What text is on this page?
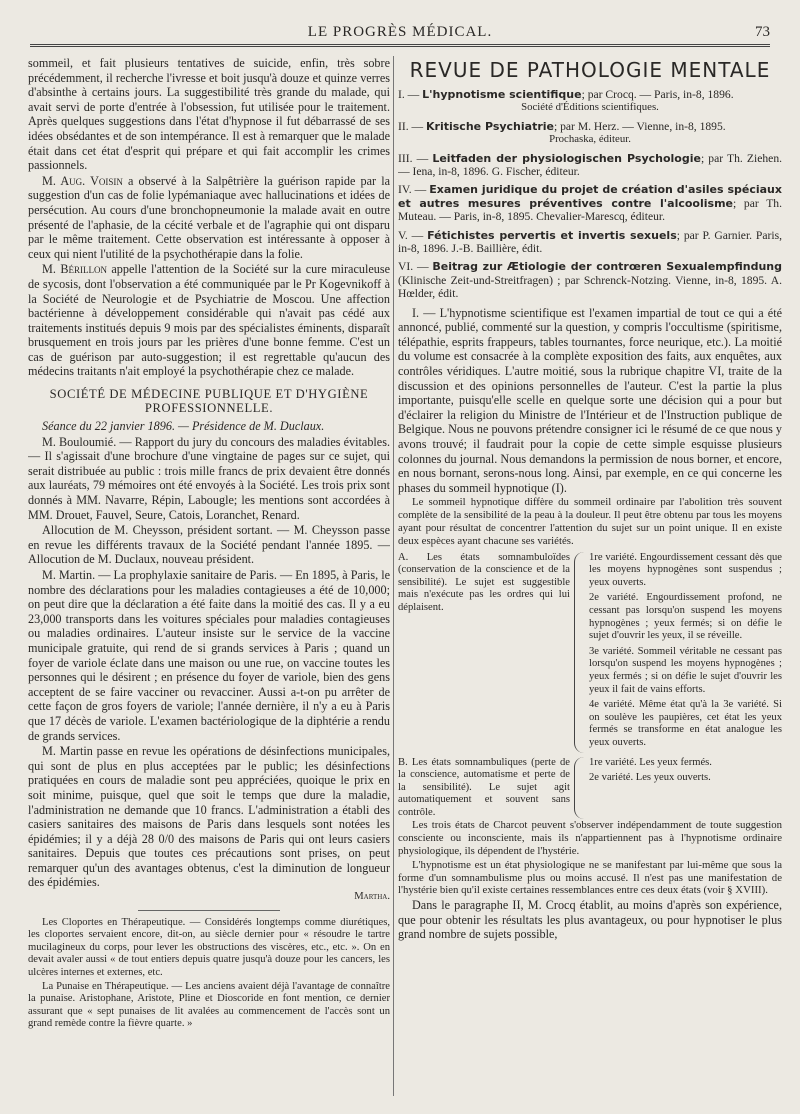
LE PROGRÈS MÉDICAL.	73

sommeil, et fait plusieurs tentatives de suicide, enfin, très sobre précédemment, il recherche l'ivresse et boit jusqu'à douze et quinze verres d'absinthe à certains jours. La suggestibilité très grande du malade, qui avait servi de porte d'entrée à l'obsession, fut utilisée pour le traitement. Après quelques suggestions dans l'état d'hypnose il fut débarrassé de ses idées obsédantes et de son intempérance. Il est à remarquer que le malade était dans cet état d'esprit qui prépare et qui fait accomplir les crimes passionnels.

M. Aug. Voisin a observé à la Salpêtrière la guérison rapide par la suggestion d'un cas de folie lypémaniaque avec hallucinations et idées de persécution. Au cours d'une bronchopneumonie la malade avait en outre présenté de l'aphasie, de la cécité verbale et de l'agraphie qui ont disparu par le même traitement. Cette observation est intéressante à opposer à ceux qui nient l'utilité de la psychothérapie dans la folie.

M. Bérillon appelle l'attention de la Société sur la cure miraculeuse de sycosis, dont l'observation a été communiquée par le Pr Kogevnikoff à la Société de Neurologie et de Psychiatrie de Moscou. Une affection bactérienne à développement considérable qui n'avait pas cédé aux traitements institués depuis 9 mois par des spécialistes éminents, disparaît brusquement en trois jours par les prières d'une bonne femme. C'est un cas de guérison par auto-suggestion; il est regrettable qu'aucun des médecins traitants n'ait employé la psychothérapie chez ce malade.

SOCIÉTÉ DE MÉDECINE PUBLIQUE ET D'HYGIÈNE PROFESSIONNELLE.

Séance du 22 janvier 1896. — Présidence de M. Duclaux.

M. Bouloumié. — Rapport du jury du concours des maladies évitables. — Il s'agissait d'une brochure d'une vingtaine de pages sur ce sujet, qui serait distribuée au public : trois mille francs de prix devaient être donnés aux lauréats, 79 mémoires ont été envoyés à la Société. Les trois prix sont donnés à MM. Navarre, Répin, Labougle; les mentions sont accordées à MM. Drouet, Fauvel, Seure, Catois, Loranchet, Renard.

Allocution de M. Cheysson, président sortant. — M. Cheysson passe en revue les différents travaux de la Société pendant l'année 1895. — Allocution de M. Duclaux, nouveau président.

M. Martin. — La prophylaxie sanitaire de Paris. — En 1895, à Paris, le nombre des déclarations pour les maladies contagieuses a été de 10,000; on peut dire que la déclaration a été faite dans la moitié des cas. Il y a eu 23,000 transports dans les voitures spéciales pour maladies contagieuses ou maladies ordinaires. L'auteur insiste sur le service de la vaccine municipale gratuite, qui rend de si grands services à Paris ; quand un foyer de variole éclate dans une maison ou une rue, on vaccine toutes les personnes qui le désirent ; en présence du foyer de variole, bien des gens acceptent de se faire vacciner ou revacciner. Aussi a-t-on pu arrêter de cette façon de gros foyers de variole; l'année dernière, il n'y a eu à Paris que 17 décès de variole. L'examen bactériologique de la diphtérie a rendu de grands services.

M. Martin passe en revue les opérations de désinfections municipales, qui sont de plus en plus acceptées par le public; les désinfections pratiquées en cours de maladie sont peu appréciées, quoique le prix en soit minime, puisque, quel que soit le temps que dure la maladie, l'administration ne demande que 10 francs. L'administration a établi des casiers sanitaires des maisons de Paris dans lesquels sont notées les épidémies; il y a déjà 28 0/0 des maisons de Paris qui ont leurs casiers sanitaires. Depuis que toutes ces précautions sont prises, on peut remarquer qu'un des avantages obtenus, c'est la diminution de longueur des épidémies.

Martha.

Les Cloportes en Thérapeutique. — Considérés longtemps comme diurétiques, les cloportes servaient encore, dit-on, au siècle dernier pour « résoudre le tartre mucilagineux du corps, pour lever les obstructions des viscères, etc., etc. ». On en devait avaler aussi « de tout entiers depuis quatre jusqu'à douze pour les cancers, les ulcères internes et externes, etc.

La Punaise en Thérapeutique. — Les anciens avaient déjà l'avantage de connaître la punaise. Aristophane, Aristote, Pline et Dioscoride en font mention, ce dernier assurant que « sept punaises de lit avalées au commencement de l'accès sont un grand remède contre la fièvre quarte. »

REVUE DE PATHOLOGIE MENTALE

I. — L'hypnotisme scientifique; par Crocq. — Paris, in-8, 1896.
Société d'Éditions scientifiques.

II. — Kritische Psychiatrie; par M. Herz. — Vienne, in-8, 1895.
Prochaska, éditeur.

III. — Leitfaden der physiologischen Psychologie; par Th. Ziehen. — Iena, in-8, 1896. G. Fischer, éditeur.

IV. — Examen juridique du projet de création d'asiles spéciaux et autres mesures préventives contre l'alcoolisme; par Th. Muteau. — Paris, in-8, 1895. Chevalier-Marescq, éditeur.

V. — Fétichistes pervertis et invertis sexuels; par P. Garnier. Paris, in-8, 1896. J.-B. Baillière, édit.

VI. — Beitrag zur Ætiologie der contrœren Sexualempfindung (Klinische Zeit-und-Streitfragen) ; par Schrenck-Notzing. Vienne, in-8, 1895. A. Hœlder, édit.

I. — L'hypnotisme scientifique est l'examen impartial de tout ce qui a été annoncé, publié, commenté sur la question, y compris l'occultisme (spiritisme, télépathie, esprits frappeurs, tables tournantes, force neurique, etc.). La moitié du volume est consacrée à la complète exposition des faits, aux enquêtes, aux contrôles véridiques. L'autre moitié, sous la rubrique chapitre VI, traite de la discussion et des opinions personnelles de l'auteur. C'est la partie la plus importante, puisqu'elle scelle en quelque sorte une décision qui a pour but d'éclairer la religion du Ministre de l'Intérieur et de l'Instruction publique de Belgique. Nous ne pouvons prétendre consigner ici le résumé de ce que nous y avons trouvé; il faudrait pour la copie de cette simple esquisse plusieurs colonnes du journal. Nous demandons la permission de nous borner, et encore, en nous bornant, serons-nous long. Ainsi, par exemple, en ce qui concerne les phases du sommeil hypnotique (I).

Le sommeil hypnotique diffère du sommeil ordinaire par l'abolition très souvent complète de la sensibilité de la peau à la douleur. Il peut être obtenu par tous les moyens ayant pour résultat de concentrer l'attention du sujet sur un point unique. Il en existe deux espèces ayant chacune ses variétés.

A. Les états somnambuloïdes (conservation de la conscience et de la sensibilité). Le sujet est suggestible mais n'exécute pas les ordres qui lui déplaisent.

1re variété. Engourdissement cessant dès que les moyens hypnogènes sont suspendus ; yeux ouverts.

2e variété. Engourdissement profond, ne cessant pas lorsqu'on suspend les moyens hypnogènes ; yeux fermés; si on défie le sujet d'ouvrir les yeux, il se réveille.

3e variété. Sommeil véritable ne cessant pas lorsqu'on suspend les moyens hypnogènes ; yeux fermés ; si on défie le sujet d'ouvrir les yeux il fait de vains efforts.

4e variété. Même état qu'à la 3e variété. Si on soulève les paupières, cet état les yeux fermés se transforme en état analogue les yeux ouverts.

B. Les états somnambuliques (perte de la conscience, automatisme et perte de la sensibilité). Le sujet agit automatiquement et souvent sans contrôle.

1re variété. Les yeux fermés.

2e variété. Les yeux ouverts.

Les trois états de Charcot peuvent s'observer indépendamment de toute suggestion consciente ou inconsciente, mais ils n'appartiennent pas à l'hypnotisme ordinaire physiologique, ils dépendent de l'hystérie.

L'hypnotisme est un état physiologique ne se manifestant par lui-même que sous la forme d'un somnambulisme plus ou moins accusé. Il n'est pas une manifestation de l'hystérie bien qu'il existe certaines ressemblances entre ces deux états (voir § XVIII).

Dans le paragraphe II, M. Crocq établit, au moins d'après son expérience, que pour obtenir les résultats les plus avantageux, ou pour hypnotiser le plus grand nombre de sujets possible,
